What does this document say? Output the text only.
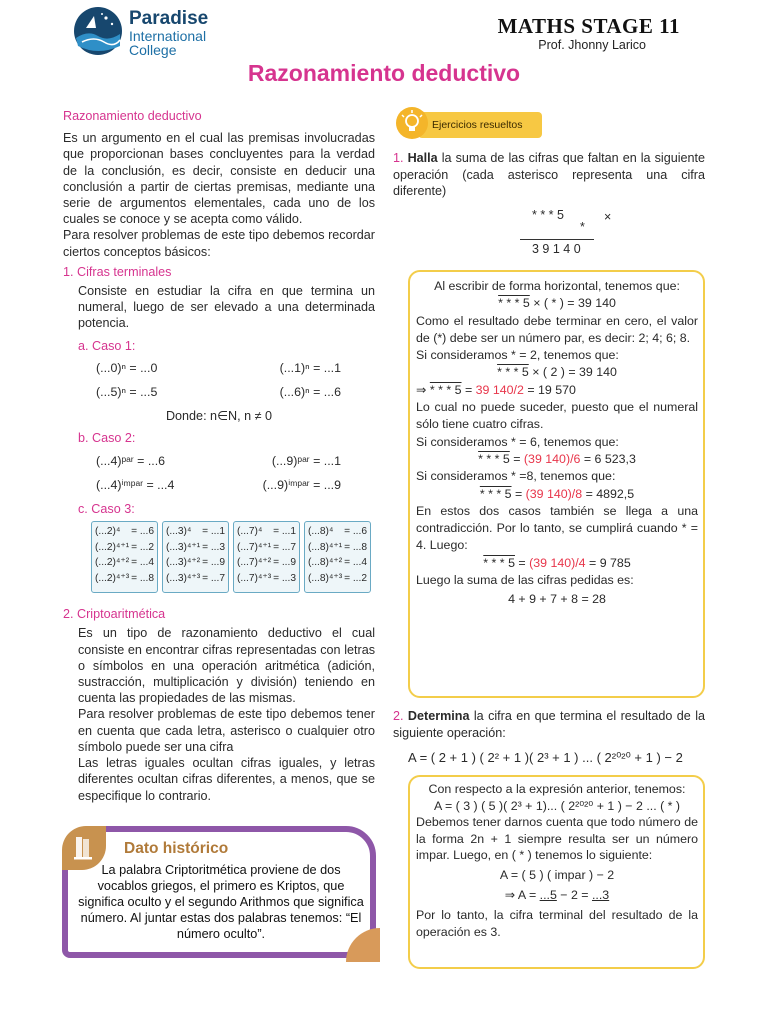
Paradise
International
College
MATHS STAGE 11
Prof. Jhonny Larico
Razonamiento deductivo
Razonamiento deductivo
Es un argumento en el cual las premisas involucradas que proporcionan bases concluyentes para la verdad de la conclusión, es decir, consiste en deducir una conclusión a partir de ciertas premisas, mediante una serie de argumentos elementales, cada uno de los cuales se conoce y se acepta como válido.
Para resolver problemas de este tipo debemos recordar ciertos conceptos básicos:
1. Cifras terminales
Consiste en estudiar la cifra en que termina un numeral, luego de ser elevado a una determinada potencia.
a. Caso 1:
(...0)ⁿ = ...0	(...1)ⁿ = ...1
(...5)ⁿ = ...5	(...6)ⁿ = ...6
Donde: n∈N, n ≠ 0
b. Caso 2:
(...4)ᵖᵃʳ = ...6	(...9)ᵖᵃʳ = ...1
(...4)ⁱᵐᵖᵃʳ = ...4	(...9)ⁱᵐᵖᵃʳ = ...9
c. Caso 3:
(...2)⁴ = ...6
(...2)⁴⁺¹ = ...2
(...2)⁴⁺² = ...4
(...2)⁴⁺³ = ...8
(...3)⁴ = ...1
(...3)⁴⁺¹ = ...3
(...3)⁴⁺² = ...9
(...3)⁴⁺³ = ...7
(...7)⁴ = ...1
(...7)⁴⁺¹ = ...7
(...7)⁴⁺² = ...9
(...7)⁴⁺³ = ...3
(...8)⁴ = ...6
(...8)⁴⁺¹ = ...8
(...8)⁴⁺² = ...4
(...8)⁴⁺³ = ...2
2. Criptoaritmética
Es un tipo de razonamiento deductivo el cual consiste en encontrar cifras representadas con letras o símbolos en una operación aritmética (adición, sustracción, multiplicación y división) teniendo en cuenta las propiedades de las mismas.
Para resolver problemas de este tipo debemos tener en cuenta que cada letra, asterisco o cualquier otro símbolo puede ser una cifra
Las letras iguales ocultan cifras iguales, y letras diferentes ocultan cifras diferentes, a menos, que se especifique lo contrario.
Dato histórico
La palabra Criptoritmética proviene de dos vocablos griegos, el primero es Kriptos, que significa oculto y el segundo Arithmos que significa número. Al juntar estas dos palabras tenemos: “El número oculto”.
Ejercicios resueltos
1. Halla la suma de las cifras que faltan en la siguiente operación (cada asterisco representa una cifra diferente)
* * * 5	×
*
3 9 1 4 0
Al escribir de forma horizontal, tenemos que:
* * * 5 × ( * ) = 39 140
Como el resultado debe terminar en cero, el valor de (*) debe ser un número par, es decir: 2; 4; 6; 8.
Si consideramos * = 2, tenemos que:
* * * 5 × ( 2 ) = 39 140
⇒ * * * 5 = 39 140/2 = 19 570
Lo cual no puede suceder, puesto que el numeral sólo tiene cuatro cifras.
Si consideramos * = 6, tenemos que:
* * * 5 = (39 140)/6 = 6 523,3
Si consideramos * =8, tenemos que:
* * * 5 = (39 140)/8 = 4892,5
En estos dos casos también se llega a una contradicción. Por lo tanto, se cumplirá cuando * = 4. Luego:
* * * 5 = (39 140)/4 = 9 785
Luego la suma de las cifras pedidas es:
4 + 9 + 7 + 8 = 28
2. Determina la cifra en que termina el resultado de la siguiente operación:
A = ( 2 + 1 ) ( 2² + 1 )( 2³ + 1 ) ... ( 2²⁰²⁰ + 1 ) − 2
Con respecto a la expresión anterior, tenemos:
A = ( 3 ) ( 5 )( 2³ + 1)... ( 2²⁰²⁰ + 1 ) − 2 ... ( * )
Debemos tener darnos cuenta que todo número de la forma 2n + 1 siempre resulta ser un número impar. Luego, en ( * ) tenemos lo siguiente:
A = ( 5 ) ( impar ) − 2
⇒ A = ...5 − 2 = ...3
Por lo tanto, la cifra terminal del resultado de la operación es 3.
